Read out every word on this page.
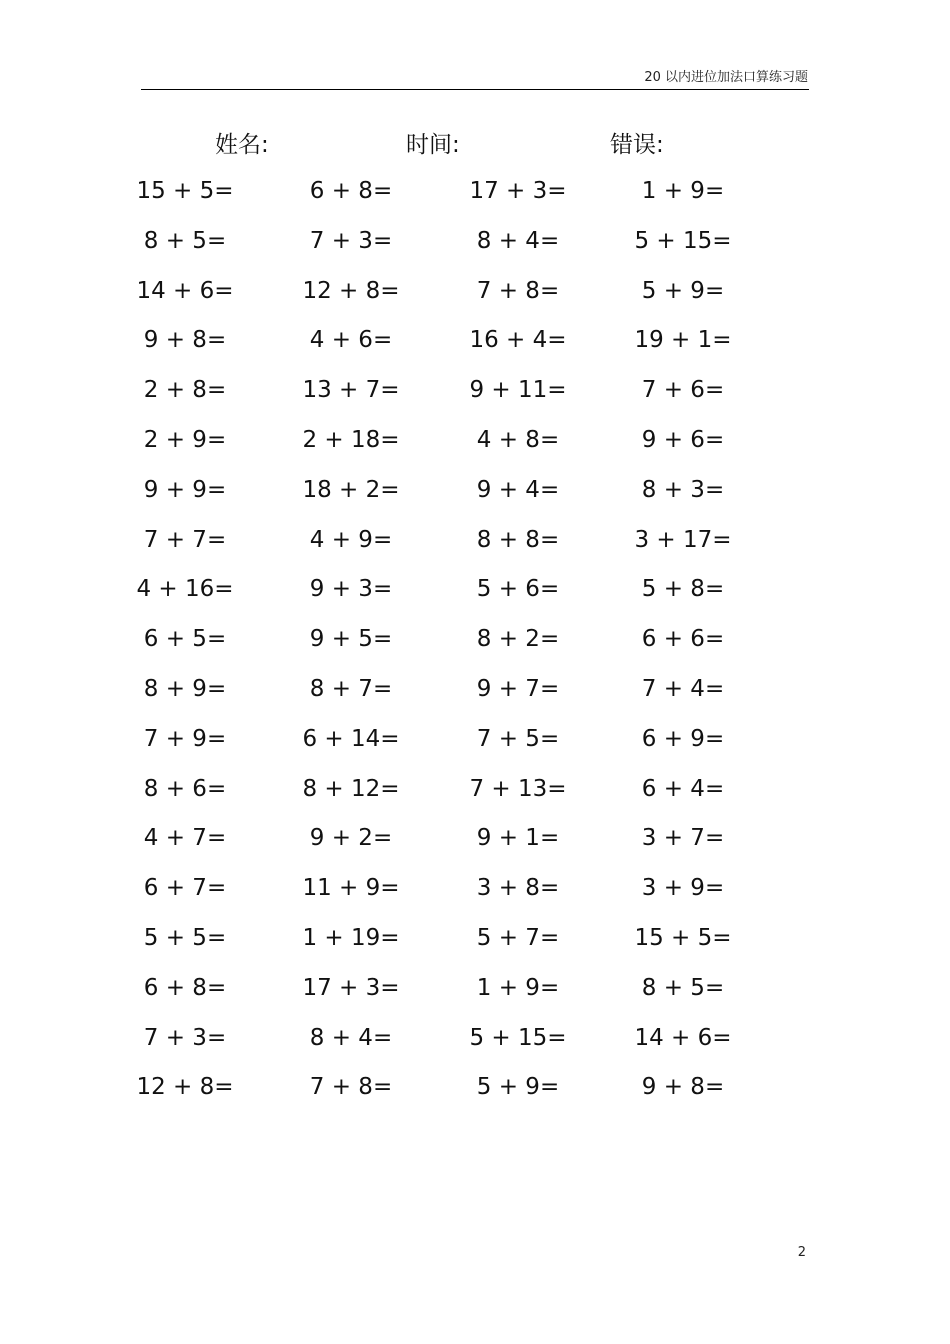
20 以内进位加法口算练习题
姓名:	时间:	错误:
15 + 5=	6 + 8=	17 + 3=	1 + 9=
8 + 5=	7 + 3=	8 + 4=	5 + 15=
14 + 6=	12 + 8=	7 + 8=	5 + 9=
9 + 8=	4 + 6=	16 + 4=	19 + 1=
2 + 8=	13 + 7=	9 + 11=	7 + 6=
2 + 9=	2 + 18=	4 + 8=	9 + 6=
9 + 9=	18 + 2=	9 + 4=	8 + 3=
7 + 7=	4 + 9=	8 + 8=	3 + 17=
4 + 16=	9 + 3=	5 + 6=	5 + 8=
6 + 5=	9 + 5=	8 + 2=	6 + 6=
8 + 9=	8 + 7=	9 + 7=	7 + 4=
7 + 9=	6 + 14=	7 + 5=	6 + 9=
8 + 6=	8 + 12=	7 + 13=	6 + 4=
4 + 7=	9 + 2=	9 + 1=	3 + 7=
6 + 7=	11 + 9=	3 + 8=	3 + 9=
5 + 5=	1 + 19=	5 + 7=	15 + 5=
6 + 8=	17 + 3=	1 + 9=	8 + 5=
7 + 3=	8 + 4=	5 + 15=	14 + 6=
12 + 8=	7 + 8=	5 + 9=	9 + 8=
2
